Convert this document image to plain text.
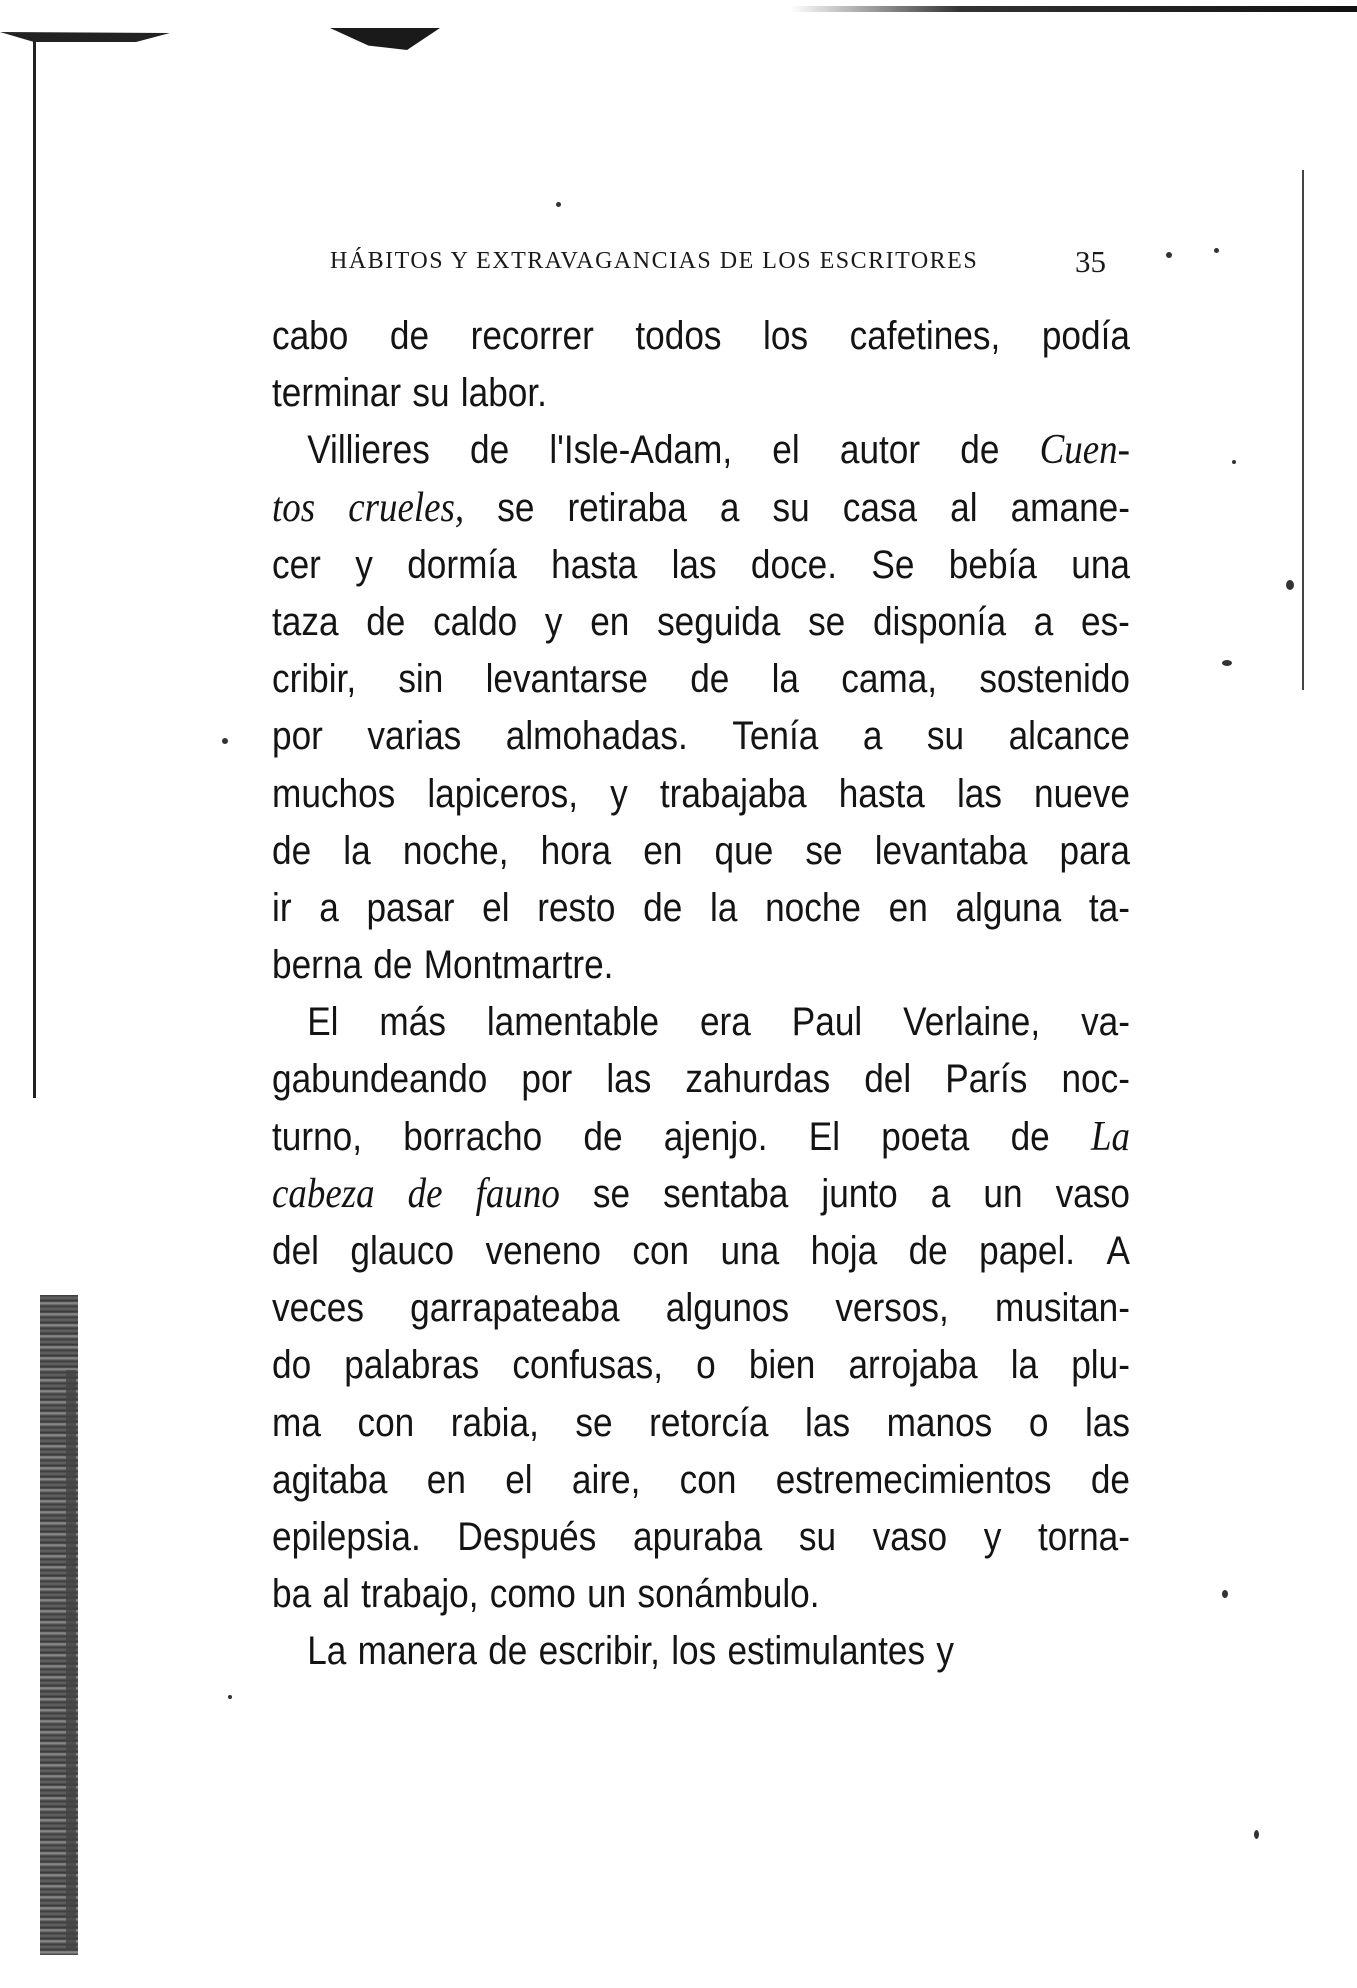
HÁBITOS Y EXTRAVAGANCIAS DE LOS ESCRITORES	35
cabo de recorrer todos los cafetines, podía
terminar su labor.
Villieres de l'Isle-Adam, el autor de Cuen-
tos crueles, se retiraba a su casa al amane-
cer y dormía hasta las doce. Se bebía una
taza de caldo y en seguida se disponía a es-
cribir, sin levantarse de la cama, sostenido
por varias almohadas. Tenía a su alcance
muchos lapiceros, y trabajaba hasta las nueve
de la noche, hora en que se levantaba para
ir a pasar el resto de la noche en alguna ta-
berna de Montmartre.
El más lamentable era Paul Verlaine, va-
gabundeando por las zahurdas del París noc-
turno, borracho de ajenjo. El poeta de La
cabeza de fauno se sentaba junto a un vaso
del glauco veneno con una hoja de papel. A
veces garrapateaba algunos versos, musitan-
do palabras confusas, o bien arrojaba la plu-
ma con rabia, se retorcía las manos o las
agitaba en el aire, con estremecimientos de
epilepsia. Después apuraba su vaso y torna-
ba al trabajo, como un sonámbulo.
La manera de escribir, los estimulantes y
